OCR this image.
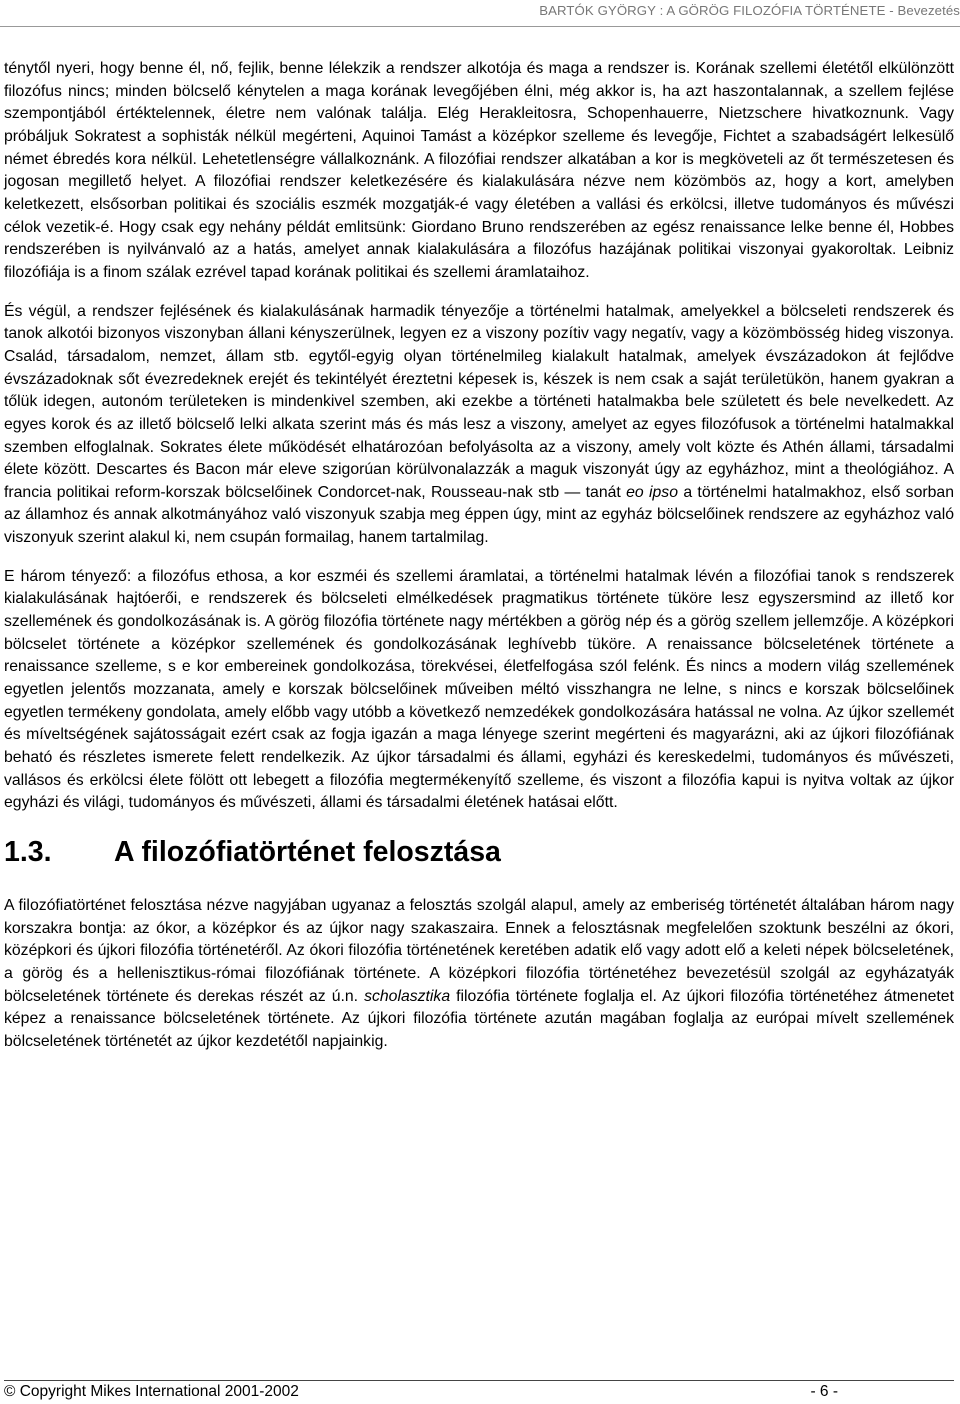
BARTÓK GYÖRGY : A GÖRÖG FILOZÓFIA TÖRTÉNETE - Bevezetés

ténytől nyeri, hogy benne él, nő, fejlik, benne lélekzik a rendszer alkotója és maga a rendszer is. Korának szellemi életétől elkülönzött filozófus nincs; minden bölcselő kénytelen a maga korának levegőjében élni, még akkor is, ha azt haszontalannak, a szellem fejlése szempontjából értéktelennek, életre nem valónak találja. Elég Herakleitosra, Schopenhauerre, Nietzschere hivatkoznunk. Vagy próbáljuk Sokratest a sophisták nélkül megérteni, Aquinoi Tamást a középkor szelleme és levegője, Fichtet a szabadságért lelkesülő német ébredés kora nélkül. Lehetetlenségre vállalkoznánk. A filozófiai rendszer alkatában a kor is megköveteli az őt természetesen és jogosan megillető helyet. A filozófiai rendszer keletkezésére és kialakulására nézve nem közömbös az, hogy a kort, amelyben keletkezett, elsősorban politikai és szociális eszmék mozgatják-é vagy életében a vallási és erkölcsi, illetve tudományos és művészi célok vezetik-é. Hogy csak egy nehány példát emlitsünk: Giordano Bruno rendszerében az egész renaissance lelke benne él, Hobbes rendszerében is nyilvánvaló az a hatás, amelyet annak kialakulására a filozófus hazájának politikai viszonyai gyakoroltak. Leibniz filozófiája is a finom szálak ezrével tapad korának politikai és szellemi áramlataihoz.

És végül, a rendszer fejlésének és kialakulásának harmadik tényezője a történelmi hatalmak, amelyekkel a bölcseleti rendszerek és tanok alkotói bizonyos viszonyban állani kényszerülnek, legyen ez a viszony pozítiv vagy negatív, vagy a közömbösség hideg viszonya. Család, társadalom, nemzet, állam stb. egytől-egyig olyan történelmileg kialakult hatalmak, amelyek évszázadokon át fejlődve évszázadoknak sőt évezredeknek erejét és tekintélyét éreztetni képesek is, készek is nem csak a saját területükön, hanem gyakran a tőlük idegen, autonóm területeken is mindenkivel szemben, aki ezekbe a történeti hatalmakba bele született és bele nevelkedett. Az egyes korok és az illető bölcselő lelki alkata szerint más és más lesz a viszony, amelyet az egyes filozófusok a történelmi hatalmakkal szemben elfoglalnak. Sokrates élete működését elhatározóan befolyásolta az a viszony, amely volt közte és Athén állami, társadalmi élete között. Descartes és Bacon már eleve szigorúan körülvonalazzák a maguk viszonyát úgy az egyházhoz, mint a theológiához. A francia politikai reform-korszak bölcselőinek Condorcet-nak, Rousseau-nak stb — tanát eo ipso a történelmi hatalmakhoz, első sorban az államhoz és annak alkotmányához való viszonyuk szabja meg éppen úgy, mint az egyház bölcselőinek rendszere az egyházhoz való viszonyuk szerint alakul ki, nem csupán formailag, hanem tartalmilag.

E három tényező: a filozófus ethosa, a kor eszméi és szellemi áramlatai, a történelmi hatalmak lévén a filozófiai tanok s rendszerek kialakulásának hajtóerői, e rendszerek és bölcseleti elmélkedések pragmatikus története tüköre lesz egyszersmind az illető kor szellemének és gondolkozásának is. A görög filozófia története nagy mértékben a görög nép és a görög szellem jellemzője. A középkori bölcselet története a középkor szellemének és gondolkozásának leghívebb tüköre. A renaissance bölcseletének története a renaissance szelleme, s e kor embereinek gondolkozása, törekvései, életfelfogása szól felénk. És nincs a modern világ szellemének egyetlen jelentős mozzanata, amely e korszak bölcselőinek műveiben méltó visszhangra ne lelne, s nincs e korszak bölcselőinek egyetlen termékeny gondolata, amely előbb vagy utóbb a következő nemzedékek gondolkozására hatással ne volna. Az újkor szellemét és míveltségének sajátosságait ezért csak az fogja igazán a maga lényege szerint megérteni és magyarázni, aki az újkori filozófiának beható és részletes ismerete felett rendelkezik. Az újkor társadalmi és állami, egyházi és kereskedelmi, tudományos és művészeti, vallásos és erkölcsi élete fölött ott lebegett a filozófia megtermékenyítő szelleme, és viszont a filozófia kapui is nyitva voltak az újkor egyházi és világi, tudományos és művészeti, állami és társadalmi életének hatásai előtt.

1.3.	A filozófiatörténet felosztása

A filozófiatörténet felosztása nézve nagyjában ugyanaz a felosztás szolgál alapul, amely az emberiség történetét általában három nagy korszakra bontja: az ókor, a középkor és az újkor nagy szakaszaira. Ennek a felosztásnak megfelelően szoktunk beszélni az ókori, középkori és újkori filozófia történetéről. Az ókori filozófia történetének keretében adatik elő vagy adott elő a keleti népek bölcseletének, a görög és a hellenisztikus-római filozófiának története. A középkori filozófia történetéhez bevezetésül szolgál az egyházatyák bölcseletének története és derekas részét az ú.n. scholasztika filozófia története foglalja el. Az újkori filozófia történetéhez átmenetet képez a renaissance bölcseletének története. Az újkori filozófia története azután magában foglalja az európai mívelt szellemének bölcseletének történetét az újkor kezdetétől napjainkig.

© Copyright Mikes International 2001-2002	- 6 -
